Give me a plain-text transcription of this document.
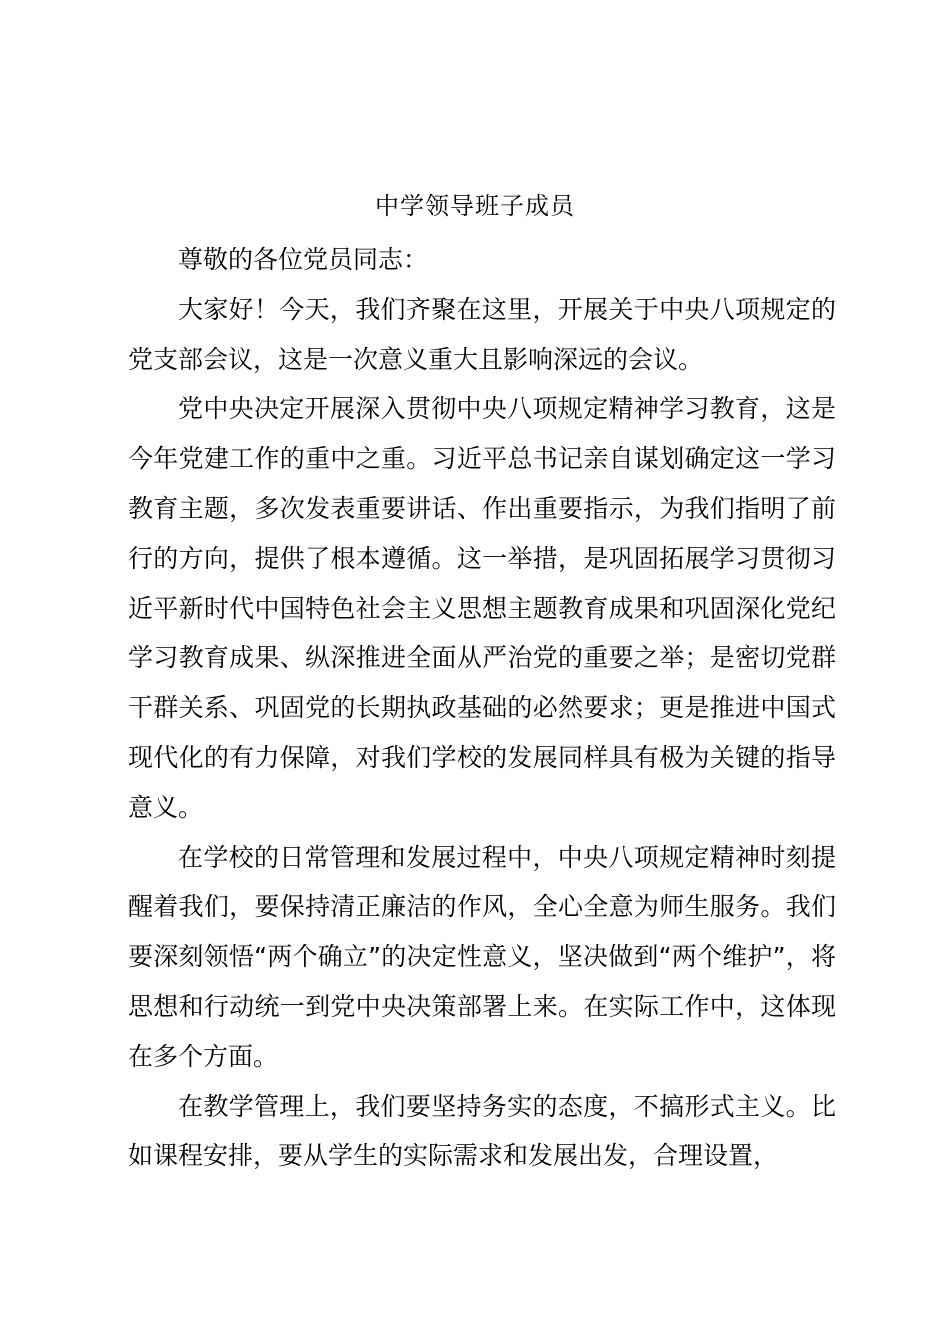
中学领导班子成员

尊敬的各位党员同志：

大家好！今天，我们齐聚在这里，开展关于中央八项规定的党支部会议，这是一次意义重大且影响深远的会议。

党中央决定开展深入贯彻中央八项规定精神学习教育，这是今年党建工作的重中之重。习近平总书记亲自谋划确定这一学习教育主题，多次发表重要讲话、作出重要指示，为我们指明了前行的方向，提供了根本遵循。这一举措，是巩固拓展学习贯彻习近平新时代中国特色社会主义思想主题教育成果和巩固深化党纪学习教育成果、纵深推进全面从严治党的重要之举；是密切党群干群关系、巩固党的长期执政基础的必然要求；更是推进中国式现代化的有力保障，对我们学校的发展同样具有极为关键的指导意义。

在学校的日常管理和发展过程中，中央八项规定精神时刻提醒着我们，要保持清正廉洁的作风，全心全意为师生服务。我们要深刻领悟“两个确立”的决定性意义，坚决做到“两个维护”，将思想和行动统一到党中央决策部署上来。在实际工作中，这体现在多个方面。

在教学管理上，我们要坚持务实的态度，不搞形式主义。比如课程安排，要从学生的实际需求和发展出发，合理设置，
